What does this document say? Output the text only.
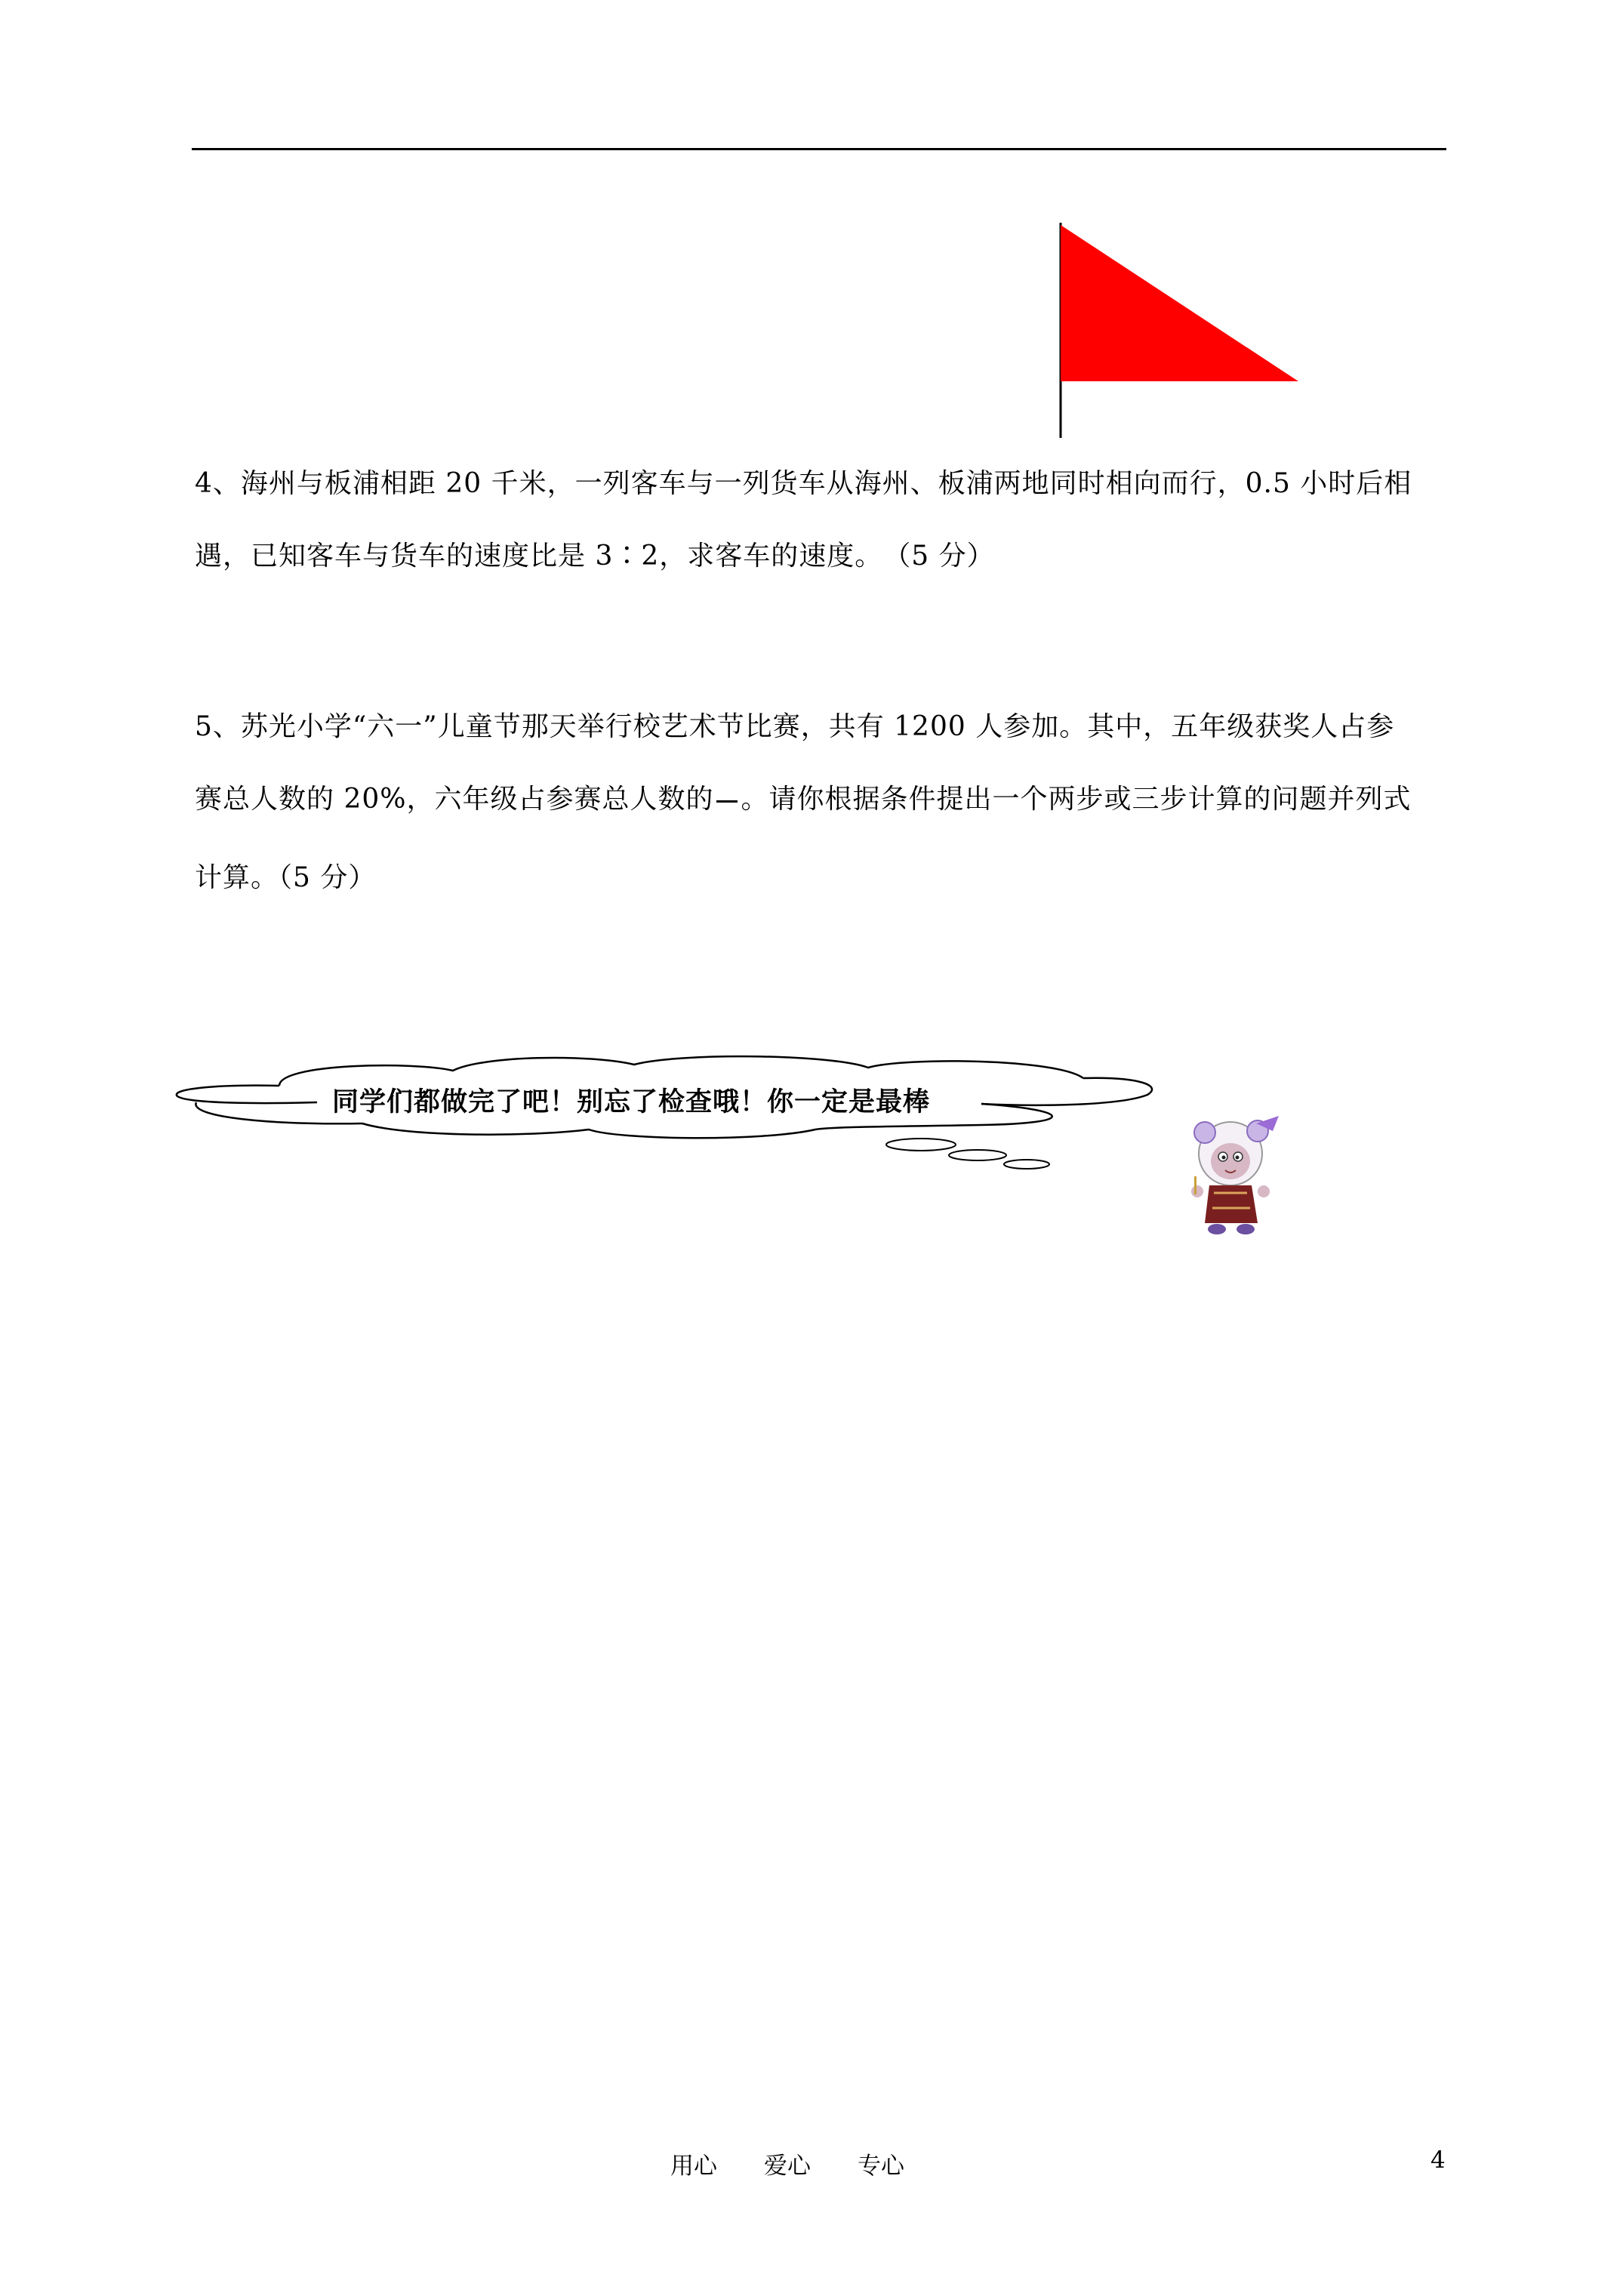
4、海州与板浦相距 20 千米，一列客车与一列货车从海州、板浦两地同时相向而行，0.5 小时后相

遇，已知客车与货车的速度比是 3∶2，求客车的速度。　（5 分）

5、苏光小学“六一”儿童节那天举行校艺术节比赛，共有 1200 人参加。其中，五年级获奖人占参

赛总人数的 20%，六年级占参赛总人数的 。请你根据条件提出一个两步或三步计算的问题并列式

计算。（5 分）

同学们都做完了吧！别忘了检查哦！你一定是最棒
用心 爱心 专心	4
